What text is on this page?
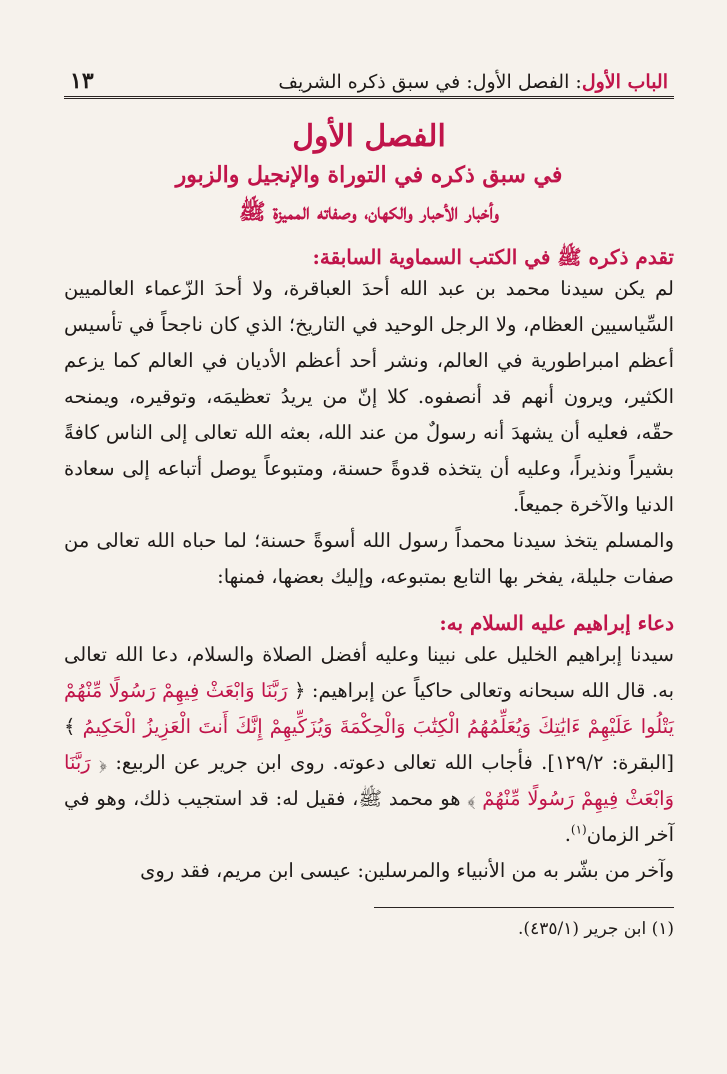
الباب الأول: الفصل الأول: في سبق ذكره الشريف
١٣
الفصل الأول
في سبق ذكره في التوراة والإنجيل والزبور
وأخبار الأحبار والكهان، وصفاته المميزة ﷺ
تقدم ذكره ﷺ في الكتب السماوية السابقة:

لم يكن سيدنا محمد بن عبد الله أحدَ العباقرة، ولا أحدَ الزّعماء العالميين السِّياسيين العظام، ولا الرجل الوحيد في التاريخ؛ الذي كان ناجحاً في تأسيس أعظم امبراطورية في العالم، ونشر أحد أعظم الأديان في العالم كما يزعم الكثير، ويرون أنهم قد أنصفوه. كلا إنّ من يريدُ تعظيمَه، وتوقيره، ويمنحه حقّه، فعليه أن يشهدَ أنه رسولٌ من عند الله، بعثه الله تعالى إلى الناس كافةً بشيراً ونذيراً، وعليه أن يتخذه قدوةً حسنة، ومتبوعاً يوصل أتباعه إلى سعادة الدنيا والآخرة جميعاً.

والمسلم يتخذ سيدنا محمداً رسول الله أسوةً حسنة؛ لما حباه الله تعالى من صفات جليلة، يفخر بها التابع بمتبوعه، وإليك بعضها، فمنها:

دعاء إبراهيم عليه السلام به:

سيدنا إبراهيم الخليل على نبينا وعليه أفضل الصلاة والسلام، دعا الله تعالى به. قال الله سبحانه وتعالى حاكياً عن إبراهيم: ﴿ رَبَّنَا وَابْعَثْ فِيهِمْ رَسُولًا مِّنْهُمْ يَتْلُوا عَلَيْهِمْ ءَايَٰتِكَ وَيُعَلِّمُهُمُ الْكِتَٰبَ وَالْحِكْمَةَ وَيُزَكِّيهِمْ إِنَّكَ أَنتَ الْعَزِيزُ الْحَكِيمُ ﴾ [البقرة: ١٢٩/٢]. فأجاب الله تعالى دعوته. روى ابن جرير عن الربيع: ﴿ رَبَّنَا وَابْعَثْ فِيهِمْ رَسُولًا مِّنْهُمْ ﴾ هو محمد ﷺ، فقيل له: قد استجيب ذلك، وهو في آخر الزمان$^{(١)}$.

وآخر من بشّر به من الأنبياء والمرسلين: عيسى ابن مريم، فقد روى

(١) ابن جرير (٤٣٥/١).
